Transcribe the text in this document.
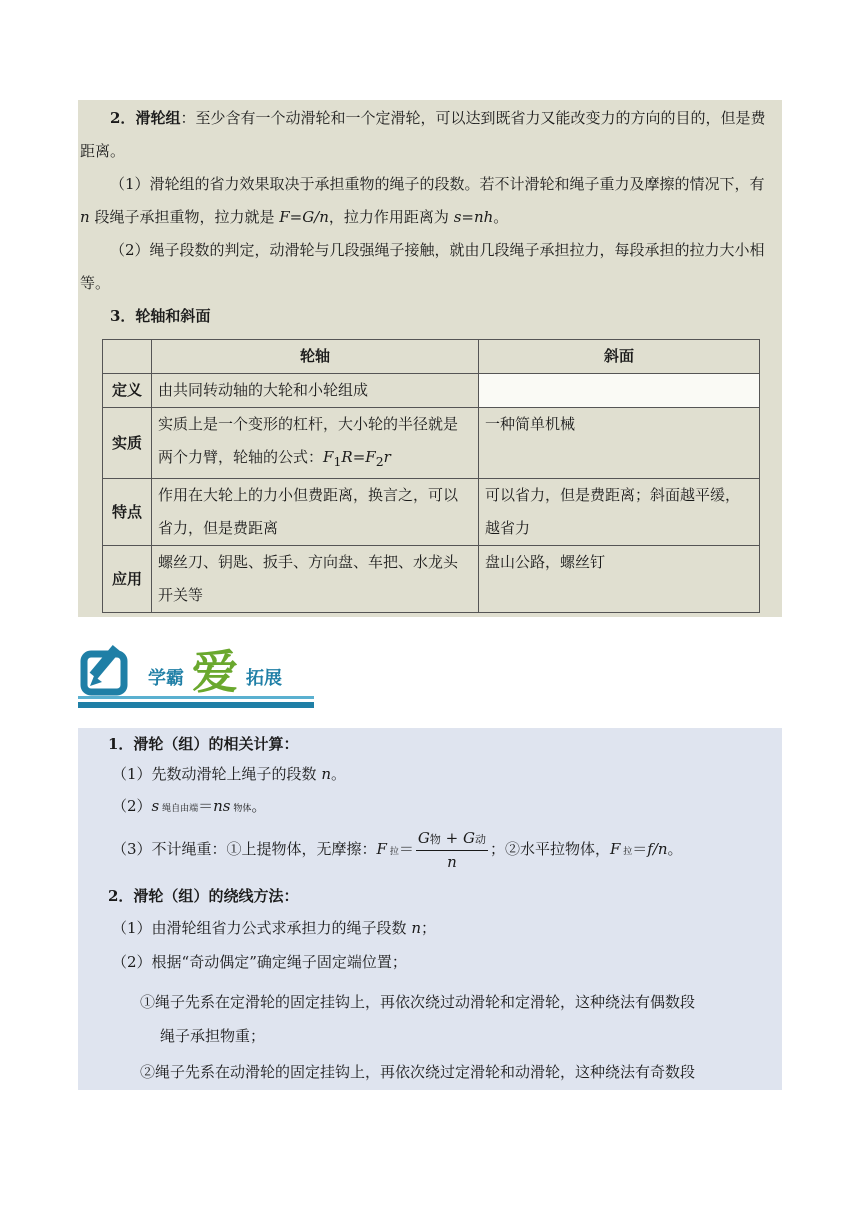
2．滑轮组：至少含有一个动滑轮和一个定滑轮，可以达到既省力又能改变力的方向的目的，但是费距离。

（1）滑轮组的省力效果取决于承担重物的绳子的段数。若不计滑轮和绳子重力及摩擦的情况下，有 n 段绳子承担重物，拉力就是 F=G/n，拉力作用距离为 s=nh。

（2）绳子段数的判定，动滑轮与几段强绳子接触，就由几段绳子承担拉力，每段承担的拉力大小相等。

3．轮轴和斜面

	轮轴	斜面
定义	由共同转动轴的大轮和小轮组成	
实质	实质上是一个变形的杠杆，大小轮的半径就是两个力臂，轮轴的公式：$F_1R=F_2r$	一种简单机械
特点	作用在大轮上的力小但费距离，换言之，可以省力，但是费距离	可以省力，但是费距离；斜面越平缓，越省力
应用	螺丝刀、钥匙、扳手、方向盘、车把、水龙头开关等	盘山公路，螺丝钉
学霸 爱 拓展
1．滑轮（组）的相关计算：
（1）先数动滑轮上绳子的段数 n。
（2）s 绳自由端＝ns 物体。
（3）不计绳重：①上提物体，无摩擦：F 拉＝ $\frac{\text{G物 + G动}}{n}$ ；②水平拉物体，F 拉＝f/n。
2．滑轮（组）的绕线方法：
（1）由滑轮组省力公式求承担力的绳子段数 n；
（2）根据“奇动偶定”确定绳子固定端位置；
①绳子先系在定滑轮的固定挂钩上，再依次绕过动滑轮和定滑轮，这种绕法有偶数段
绳子承担物重；
②绳子先系在动滑轮的固定挂钩上，再依次绕过定滑轮和动滑轮，这种绕法有奇数段
